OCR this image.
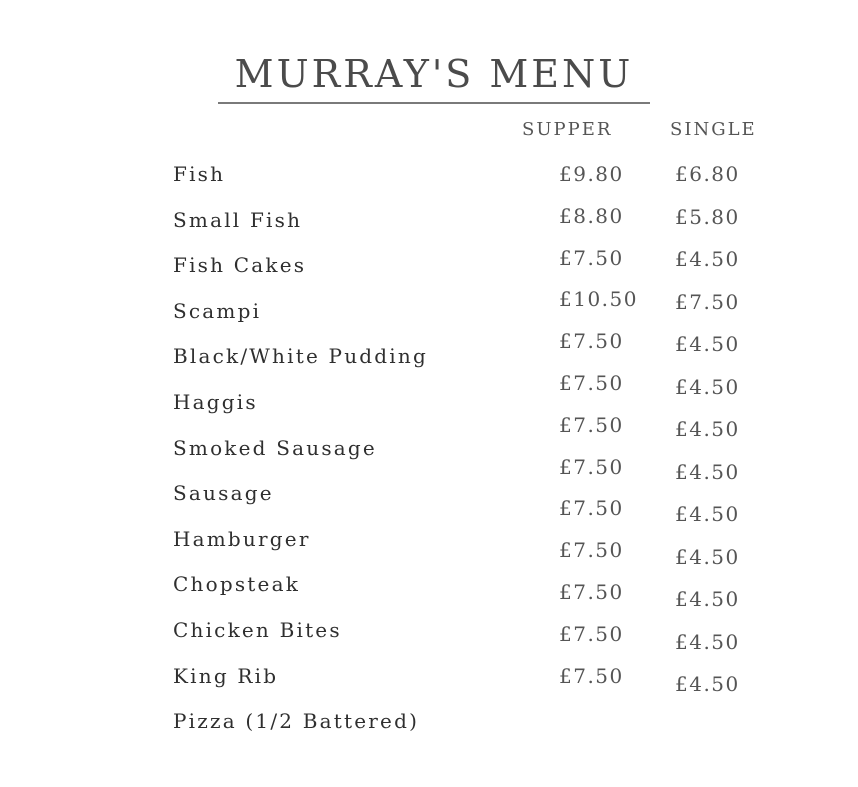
MURRAY'S MENU
SUPPER	SINGLE
Fish
Small Fish
Fish Cakes
Scampi
Black/White Pudding
Haggis
Smoked Sausage
Sausage
Hamburger
Chopsteak
Chicken Bites
King Rib
Pizza (1/2 Battered)
£9.80
£8.80
£7.50
£10.50
£7.50
£7.50
£7.50
£7.50
£7.50
£7.50
£7.50
£7.50
£7.50
£6.80
£5.80
£4.50
£7.50
£4.50
£4.50
£4.50
£4.50
£4.50
£4.50
£4.50
£4.50
£4.50
